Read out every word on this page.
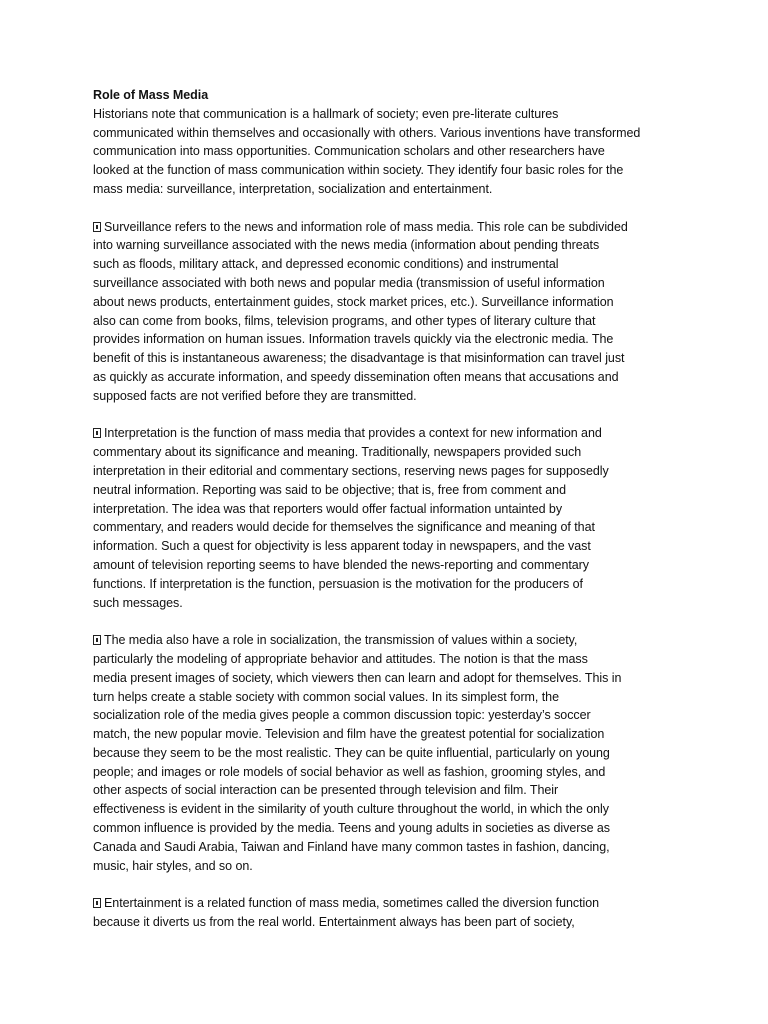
Role of Mass Media
Historians note that communication is a hallmark of society; even pre-literate cultures
communicated within themselves and occasionally with others. Various inventions have transformed
communication into mass opportunities. Communication scholars and other researchers have
looked at the function of mass communication within society. They identify four basic roles for the
mass media: surveillance, interpretation, socialization and entertainment.
Surveillance refers to the news and information role of mass media. This role can be subdivided
into warning surveillance associated with the news media (information about pending threats
such as floods, military attack, and depressed economic conditions) and instrumental
surveillance associated with both news and popular media (transmission of useful information
about news products, entertainment guides, stock market prices, etc.). Surveillance information
also can come from books, films, television programs, and other types of literary culture that
provides information on human issues. Information travels quickly via the electronic media. The
benefit of this is instantaneous awareness; the disadvantage is that misinformation can travel just
as quickly as accurate information, and speedy dissemination often means that accusations and
supposed facts are not verified before they are transmitted.
Interpretation is the function of mass media that provides a context for new information and
commentary about its significance and meaning. Traditionally, newspapers provided such
interpretation in their editorial and commentary sections, reserving news pages for supposedly
neutral information. Reporting was said to be objective; that is, free from comment and
interpretation. The idea was that reporters would offer factual information untainted by
commentary, and readers would decide for themselves the significance and meaning of that
information. Such a quest for objectivity is less apparent today in newspapers, and the vast
amount of television reporting seems to have blended the news-reporting and commentary
functions. If interpretation is the function, persuasion is the motivation for the producers of
such messages.
The media also have a role in socialization, the transmission of values within a society,
particularly the modeling of appropriate behavior and attitudes. The notion is that the mass
media present images of society, which viewers then can learn and adopt for themselves. This in
turn helps create a stable society with common social values. In its simplest form, the
socialization role of the media gives people a common discussion topic: yesterday’s soccer
match, the new popular movie. Television and film have the greatest potential for socialization
because they seem to be the most realistic. They can be quite influential, particularly on young
people; and images or role models of social behavior as well as fashion, grooming styles, and
other aspects of social interaction can be presented through television and film. Their
effectiveness is evident in the similarity of youth culture throughout the world, in which the only
common influence is provided by the media. Teens and young adults in societies as diverse as
Canada and Saudi Arabia, Taiwan and Finland have many common tastes in fashion, dancing,
music, hair styles, and so on.
Entertainment is a related function of mass media, sometimes called the diversion function
because it diverts us from the real world. Entertainment always has been part of society,
